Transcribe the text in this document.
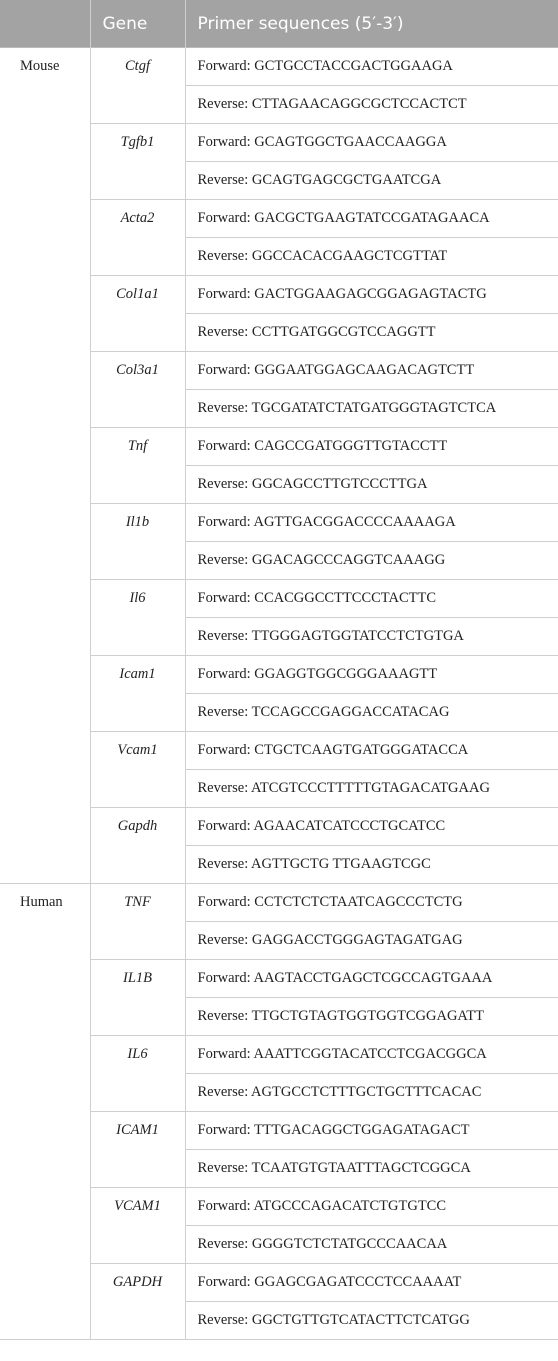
	Gene	Primer sequences (5′-3′)
Mouse	Ctgf	Forward: GCTGCCTACCGACTGGAAGA
		Reverse: CTTAGAACAGGCGCTCCACTCT
	Tgfb1	Forward: GCAGTGGCTGAACCAAGGA
		Reverse: GCAGTGAGCGCTGAATCGA
	Acta2	Forward: GACGCTGAAGTATCCGATAGAACA
		Reverse: GGCCACACGAAGCTCGTTAT
	Col1a1	Forward: GACTGGAAGAGCGGAGAGTACTG
		Reverse: CCTTGATGGCGTCCAGGTT
	Col3a1	Forward: GGGAATGGAGCAAGACAGTCTT
		Reverse: TGCGATATCTATGATGGGTAGTCTCA
	Tnf	Forward: CAGCCGATGGGTTGTACCTT
		Reverse: GGCAGCCTTGTCCCTTGA
	Il1b	Forward: AGTTGACGGACCCCAAAAGA
		Reverse: GGACAGCCCAGGTCAAAGG
	Il6	Forward: CCACGGCCTTCCCTACTTC
		Reverse: TTGGGAGTGGTATCCTCTGTGA
	Icam1	Forward: GGAGGTGGCGGGAAAGTT
		Reverse: TCCAGCCGAGGACCATACAG
	Vcam1	Forward: CTGCTCAAGTGATGGGATACCA
		Reverse: ATCGTCCCTTTTTGTAGACATGAAG
	Gapdh	Forward: AGAACATCATCCCTGCATCC
		Reverse: AGTTGCTG TTGAAGTCGC
Human	TNF	Forward: CCTCTCTCTAATCAGCCCTCTG
		Reverse: GAGGACCTGGGAGTAGATGAG
	IL1B	Forward: AAGTACCTGAGCTCGCCAGTGAAA
		Reverse: TTGCTGTAGTGGTGGTCGGAGATT
	IL6	Forward: AAATTCGGTACATCCTCGACGGCA
		Reverse: AGTGCCTCTTTGCTGCTTTCACAC
	ICAM1	Forward: TTTGACAGGCTGGAGATAGACT
		Reverse: TCAATGTGTAATTTAGCTCGGCA
	VCAM1	Forward: ATGCCCAGACATCTGTGTCC
		Reverse: GGGGTCTCTATGCCCAACAA
	GAPDH	Forward: GGAGCGAGATCCCTCCAAAAT
		Reverse: GGCTGTTGTCATACTTCTCATGG
